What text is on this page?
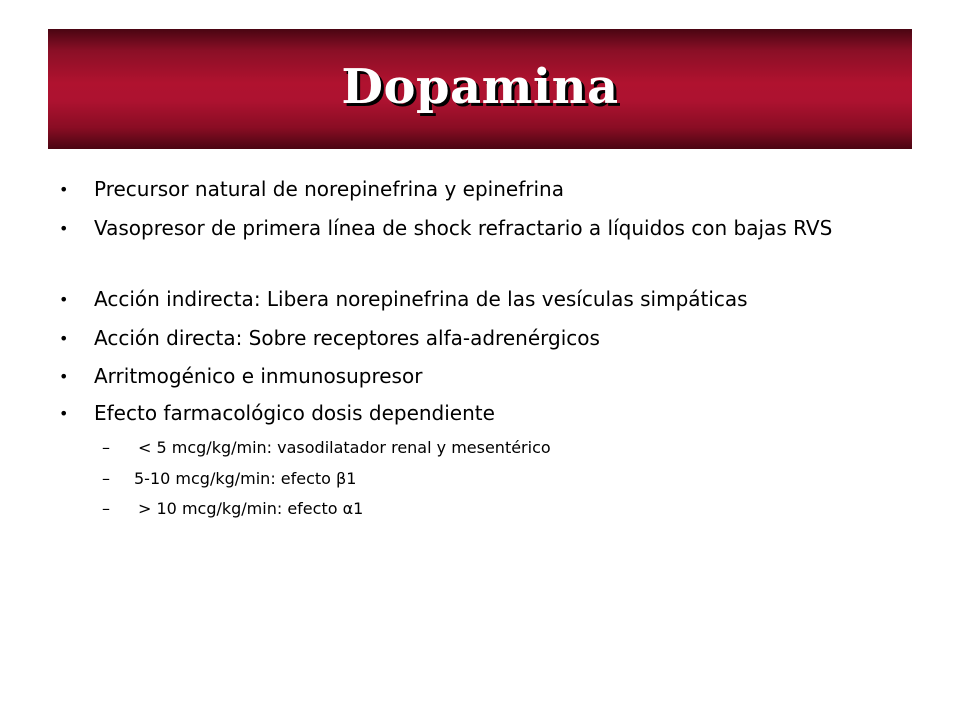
Dopamina
•	Precursor natural de norepinefrina y epinefrina
•	Vasopresor de primera línea de shock refractario a líquidos con bajas RVS
•	Acción indirecta: Libera norepinefrina de las vesículas simpáticas
•	Acción directa: Sobre receptores alfa-adrenérgicos
•	Arritmogénico e inmunosupresor
•	Efecto farmacológico dosis dependiente
–	< 5 mcg/kg/min: vasodilatador renal y mesentérico
–	5-10 mcg/kg/min: efecto β1
–	> 10 mcg/kg/min: efecto α1
